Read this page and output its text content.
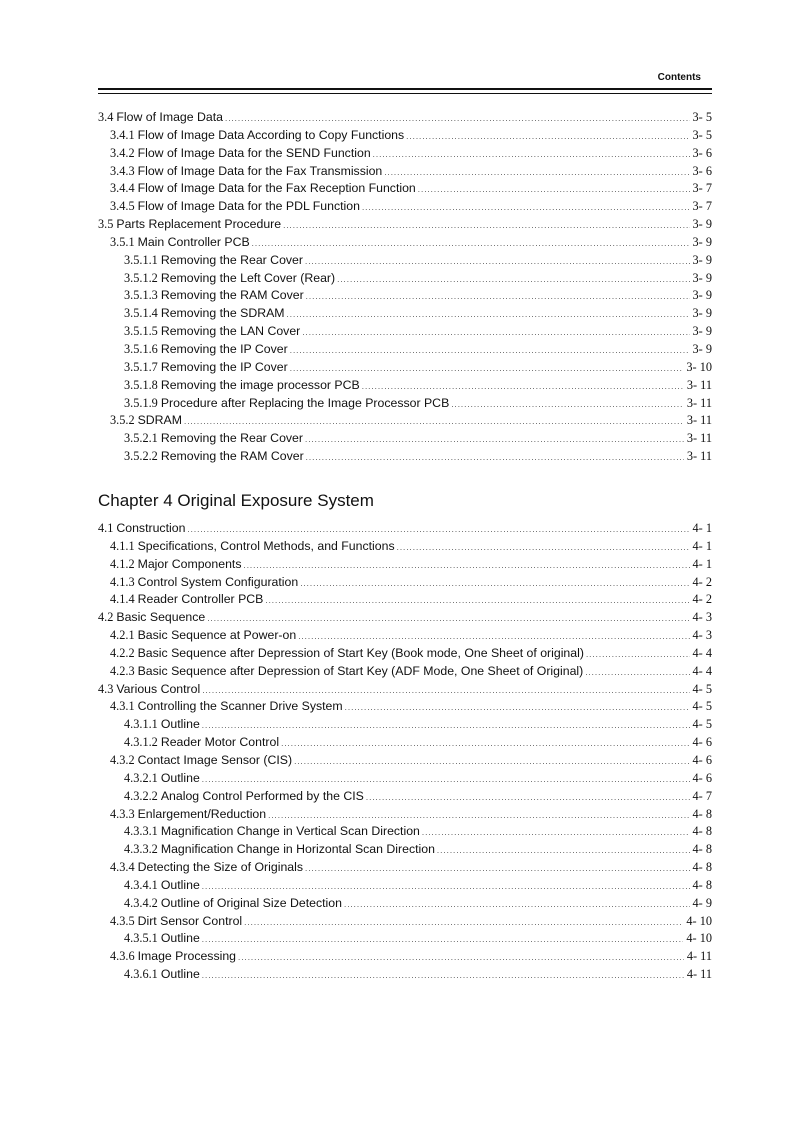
Contents
3.4 Flow of Image Data .....	3- 5
3.4.1 Flow of Image Data According to Copy Functions .....	3- 5
3.4.2 Flow of Image Data for the SEND Function .....	3- 6
3.4.3 Flow of Image Data for the Fax Transmission .....	3- 6
3.4.4 Flow of Image Data for the Fax Reception Function .....	3- 7
3.4.5 Flow of Image Data for the PDL Function .....	3- 7
3.5 Parts Replacement Procedure .....	3- 9
3.5.1 Main Controller PCB .....	3- 9
3.5.1.1 Removing the Rear Cover .....	3- 9
3.5.1.2 Removing the Left Cover (Rear) .....	3- 9
3.5.1.3 Removing the RAM Cover .....	3- 9
3.5.1.4 Removing the SDRAM .....	3- 9
3.5.1.5 Removing the LAN Cover .....	3- 9
3.5.1.6 Removing the IP Cover .....	3- 9
3.5.1.7 Removing the IP Cover .....	3- 10
3.5.1.8 Removing the image processor PCB .....	3- 11
3.5.1.9 Procedure after Replacing the Image Processor PCB .....	3- 11
3.5.2 SDRAM .....	3- 11
3.5.2.1 Removing the Rear Cover .....	3- 11
3.5.2.2 Removing the RAM Cover .....	3- 11
Chapter 4 Original Exposure System
4.1 Construction .....	4- 1
4.1.1 Specifications, Control Methods, and Functions .....	4- 1
4.1.2 Major Components .....	4- 1
4.1.3 Control System Configuration .....	4- 2
4.1.4 Reader Controller PCB .....	4- 2
4.2 Basic Sequence .....	4- 3
4.2.1 Basic Sequence at Power-on .....	4- 3
4.2.2 Basic Sequence after Depression of Start Key (Book mode, One Sheet of original) .....	4- 4
4.2.3 Basic Sequence after Depression of Start Key (ADF Mode, One Sheet of Original) .....	4- 4
4.3 Various Control .....	4- 5
4.3.1 Controlling the Scanner Drive System .....	4- 5
4.3.1.1 Outline .....	4- 5
4.3.1.2 Reader Motor Control .....	4- 6
4.3.2 Contact Image Sensor (CIS) .....	4- 6
4.3.2.1 Outline .....	4- 6
4.3.2.2 Analog Control Performed by the CIS .....	4- 7
4.3.3 Enlargement/Reduction .....	4- 8
4.3.3.1 Magnification Change in Vertical Scan Direction .....	4- 8
4.3.3.2 Magnification Change in Horizontal Scan Direction .....	4- 8
4.3.4 Detecting the Size of Originals .....	4- 8
4.3.4.1 Outline .....	4- 8
4.3.4.2 Outline of Original Size Detection .....	4- 9
4.3.5 Dirt Sensor Control .....	4- 10
4.3.5.1 Outline .....	4- 10
4.3.6 Image Processing .....	4- 11
4.3.6.1 Outline .....	4- 11
